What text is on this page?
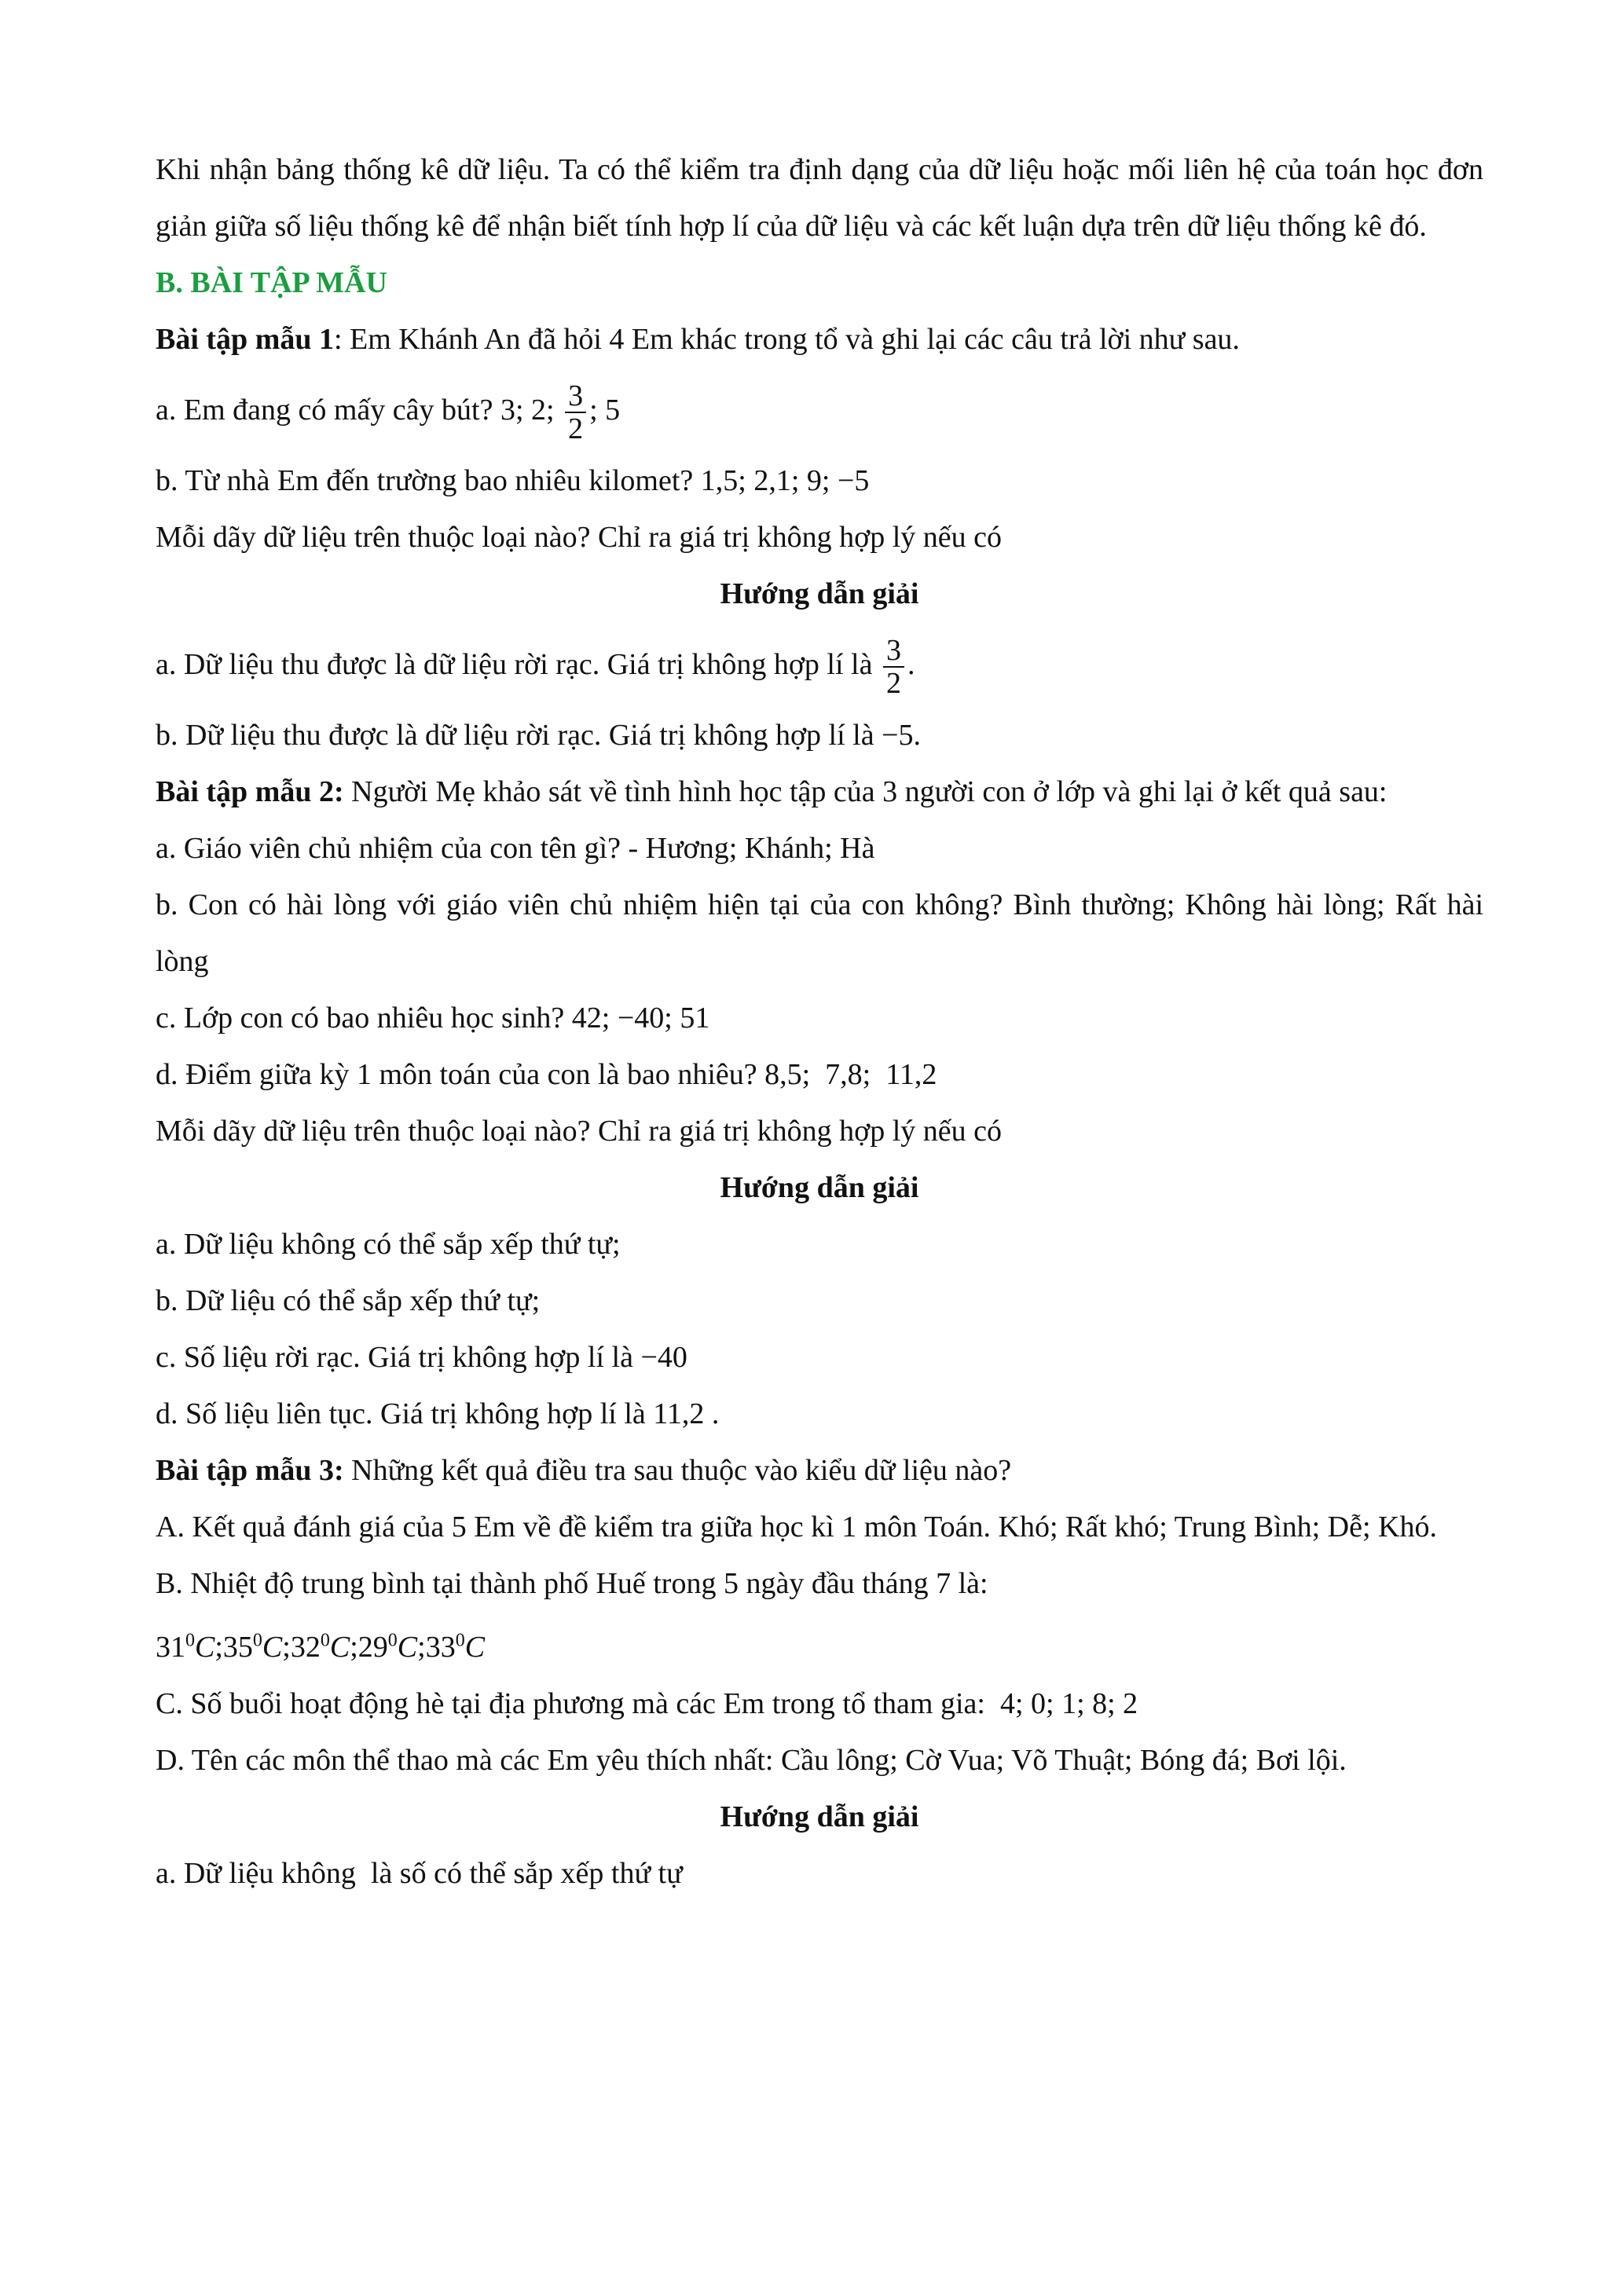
Khi nhận bảng thống kê dữ liệu. Ta có thể kiểm tra định dạng của dữ liệu hoặc mối liên hệ của toán học đơn giản giữa số liệu thống kê để nhận biết tính hợp lí của dữ liệu và các kết luận dựa trên dữ liệu thống kê đó.

B. BÀI TẬP MẪU

Bài tập mẫu 1: Em Khánh An đã hỏi 4 Em khác trong tổ và ghi lại các câu trả lời như sau.

a. Em đang có mấy cây bút? 3; 2; $\frac{3}{2}$ ; 5

b. Từ nhà Em đến trường bao nhiêu kilomet? 1,5; 2,1; 9; −5

Mỗi dãy dữ liệu trên thuộc loại nào? Chỉ ra giá trị không hợp lý nếu có

Hướng dẫn giải

a. Dữ liệu thu được là dữ liệu rời rạc. Giá trị không hợp lí là $\frac{3}{2}$ .

b. Dữ liệu thu được là dữ liệu rời rạc. Giá trị không hợp lí là −5.

Bài tập mẫu 2: Người Mẹ khảo sát về tình hình học tập của 3 người con ở lớp và ghi lại ở kết quả sau:

a. Giáo viên chủ nhiệm của con tên gì? - Hương; Khánh; Hà

b. Con có hài lòng với giáo viên chủ nhiệm hiện tại của con không? Bình thường; Không hài lòng; Rất hài lòng

c. Lớp con có bao nhiêu học sinh? 42; −40; 51

d. Điểm giữa kỳ 1 môn toán của con là bao nhiêu? 8,5;  7,8;  11,2

Mỗi dãy dữ liệu trên thuộc loại nào? Chỉ ra giá trị không hợp lý nếu có

Hướng dẫn giải

a. Dữ liệu không có thể sắp xếp thứ tự;

b. Dữ liệu có thể sắp xếp thứ tự;

c. Số liệu rời rạc. Giá trị không hợp lí là −40

d. Số liệu liên tục. Giá trị không hợp lí là 11,2 .

Bài tập mẫu 3: Những kết quả điều tra sau thuộc vào kiểu dữ liệu nào?

A. Kết quả đánh giá của 5 Em về đề kiểm tra giữa học kì 1 môn Toán. Khó; Rất khó; Trung Bình; Dễ; Khó.

B. Nhiệt độ trung bình tại thành phố Huế trong 5 ngày đầu tháng 7 là:

$31^0C;35^0C;32^0C;29^0C;33^0C$

C. Số buổi hoạt động hè tại địa phương mà các Em trong tổ tham gia:  4; 0; 1; 8; 2

D. Tên các môn thể thao mà các Em yêu thích nhất: Cầu lông; Cờ Vua; Võ Thuật; Bóng đá; Bơi lội.

Hướng dẫn giải

a. Dữ liệu không  là số có thể sắp xếp thứ tự
